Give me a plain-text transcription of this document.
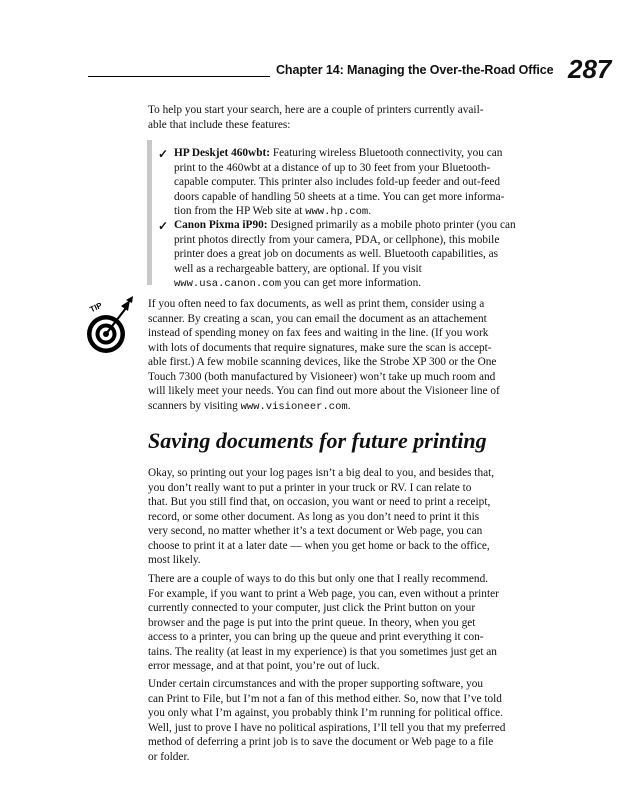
Chapter 14: Managing the Over-the-Road Office 287
To help you start your search, here are a couple of printers currently avail-
able that include these features:
✓ HP Deskjet 460wbt: Featuring wireless Bluetooth connectivity, you can
print to the 460wbt at a distance of up to 30 feet from your Bluetooth-
capable computer. This printer also includes fold-up feeder and out-feed
doors capable of handling 50 sheets at a time. You can get more informa-
tion from the HP Web site at www.hp.com.
✓ Canon Pixma iP90: Designed primarily as a mobile photo printer (you can
print photos directly from your camera, PDA, or cellphone), this mobile
printer does a great job on documents as well. Bluetooth capabilities, as
well as a rechargeable battery, are optional. If you visit
www.usa.canon.com you can get more information.
TIP	If you often need to fax documents, as well as print them, consider using a
scanner. By creating a scan, you can email the document as an attachement
instead of spending money on fax fees and waiting in the line. (If you work
with lots of documents that require signatures, make sure the scan is accept-
able first.) A few mobile scanning devices, like the Strobe XP 300 or the One
Touch 7300 (both manufactured by Visioneer) won’t take up much room and
will likely meet your needs. You can find out more about the Visioneer line of
scanners by visiting www.visioneer.com.
Saving documents for future printing
Okay, so printing out your log pages isn’t a big deal to you, and besides that,
you don’t really want to put a printer in your truck or RV. I can relate to
that. But you still find that, on occasion, you want or need to print a receipt,
record, or some other document. As long as you don’t need to print it this
very second, no matter whether it’s a text document or Web page, you can
choose to print it at a later date — when you get home or back to the office,
most likely.
There are a couple of ways to do this but only one that I really recommend.
For example, if you want to print a Web page, you can, even without a printer
currently connected to your computer, just click the Print button on your
browser and the page is put into the print queue. In theory, when you get
access to a printer, you can bring up the queue and print everything it con-
tains. The reality (at least in my experience) is that you sometimes just get an
error message, and at that point, you’re out of luck.
Under certain circumstances and with the proper supporting software, you
can Print to File, but I’m not a fan of this method either. So, now that I’ve told
you only what I’m against, you probably think I’m running for political office.
Well, just to prove I have no political aspirations, I’ll tell you that my preferred
method of deferring a print job is to save the document or Web page to a file
or folder.
